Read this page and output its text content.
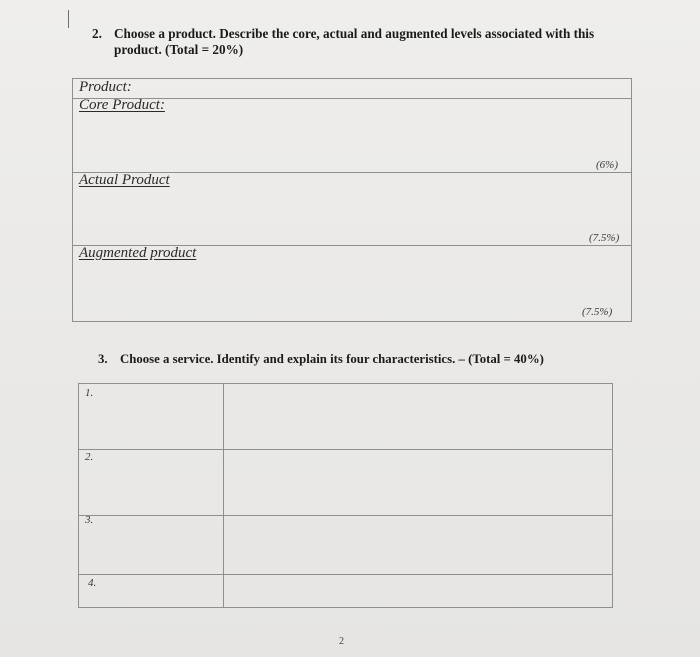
2. Choose a product. Describe the core, actual and augmented levels associated with this
product. (Total = 20%)
Product:
Core Product:
(6%)
Actual Product
(7.5%)
Augmented product
(7.5%)
3. Choose a service. Identify and explain its four characteristics. – (Total = 40%)
1.
2.
3.
4.
2
